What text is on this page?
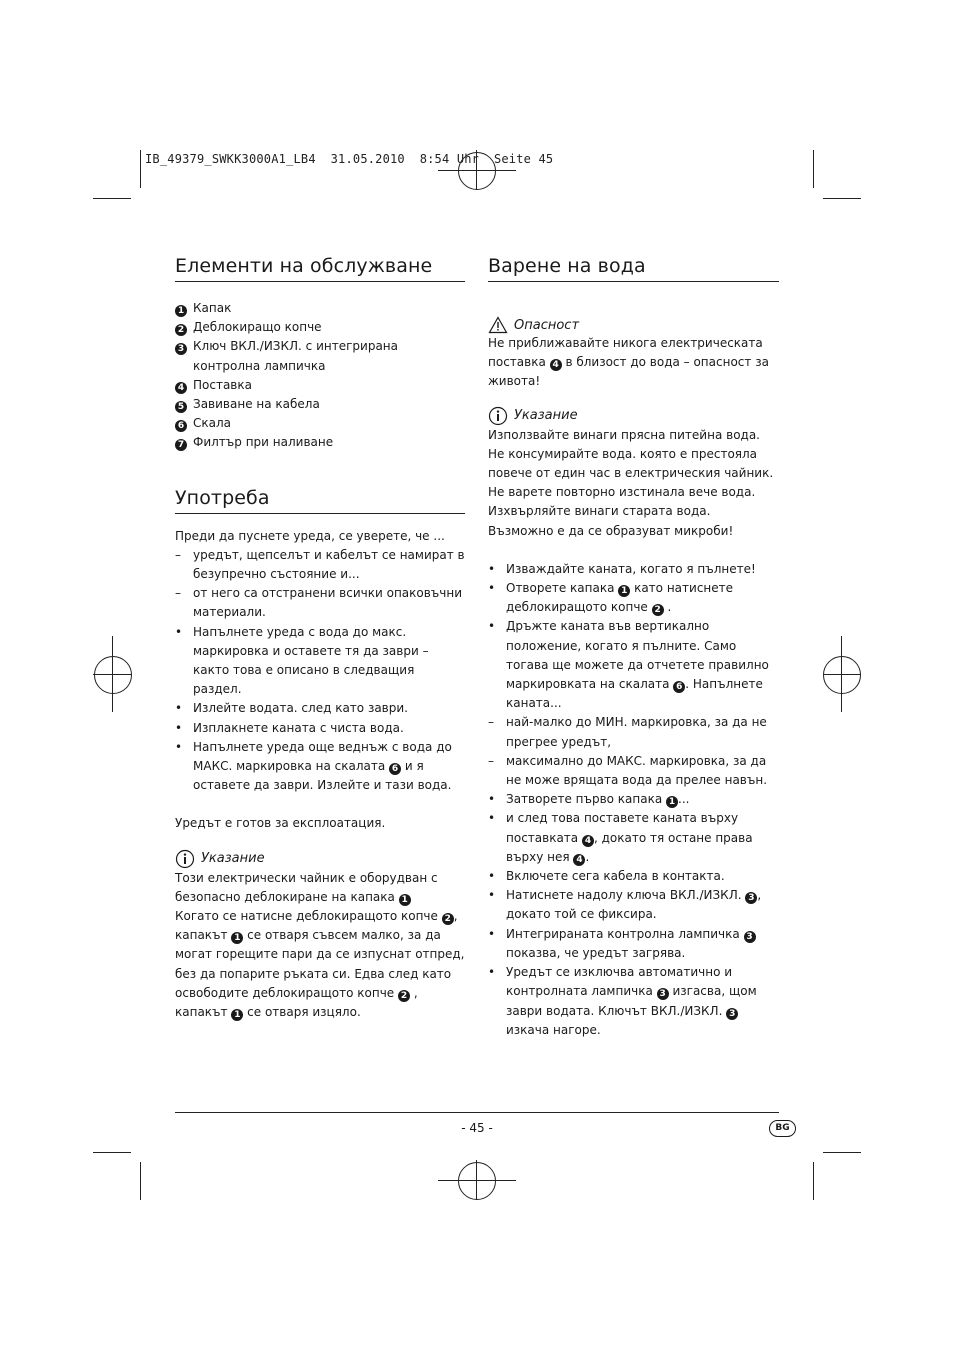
IB_49379_SWKK3000A1_LB4  31.05.2010  8:54 Uhr  Seite 45
Елементи на обслужване
1 Капак
2 Деблокиращо копче
3 Ключ ВКЛ./ИЗКЛ. с интегрирана контролна лампичка
4 Поставка
5 Завиване на кабела
6 Скала
7 Филтър при наливане
Употреба

Преди да пуснете уреда, се уверете, че ...

–	уредът, щепселът и кабелът се намират в безупречно състояние и...
–	от него са отстранени всички опаковъчни материали.
• Напълнете уреда с вода до макс. маркировка и оставете тя да заври – както това е описано в следващия раздел.
• Излейте водата. след като заври.
• Изплакнете каната с чиста вода.
• Напълнете уреда още веднъж с вода до МАКС. маркировка на скалата 6 и я оставете да заври. Излейте и тази вода.

Уредът е готов за експлоатация.

Указание

Този електрически чайник е оборудван с безопасно деблокиране на капака 1
Когато се натисне деблокиращото копче 2 , капакът 1 се отваря съвсем малко, за да могат горещите пари да се изпуснат отпред, без да попарите ръката си. Едва след като освободите деблокиращото копче 2 , капакът 1 се отваря изцяло.

Варене на вода
Опасност

Не приближавайте никога електрическата поставка 4 в близост до вода – опасност за живота!

Указание

Използвайте винаги прясна питейна вода. Не консумирайте вода. която е престояла повече от един час в електрическия чайник. Не варете повторно изстинала вече вода. Изхвърляйте винаги старата вода. Възможно е да се образуват микроби!

• Изваждайте каната, когато я пълнете!
• Отворете капака 1 като натиснете деблокиращото копче 2 .
• Дръжте каната във вертикално положение, когато я пълните. Само тогава ще можете да отчетете правилно маркировката на скалата 6 . Напълнете каната...
–	най-малко до МИН. маркировка, за да не прегрее уредът,
–	максимално до МАКС. маркировка, за да не може врящата вода да прелее навън.
• Затворете първо капака 1 ...
• и след това поставете каната върху поставката 4 , докато тя остане права върху нея 4 .
• Включете сега кабела в контакта.
• Натиснете надолу ключа ВКЛ./ИЗКЛ. 3 , докато той се фиксира.
• Интегрираната контролна лампичка 3 показва, че уредът загрява.
• Уредът се изключва автоматично и контролната лампичка 3 изгасва, щом заври водата. Ключът ВКЛ./ИЗКЛ. 3 изкача нагоре.
- 45 -	BG
